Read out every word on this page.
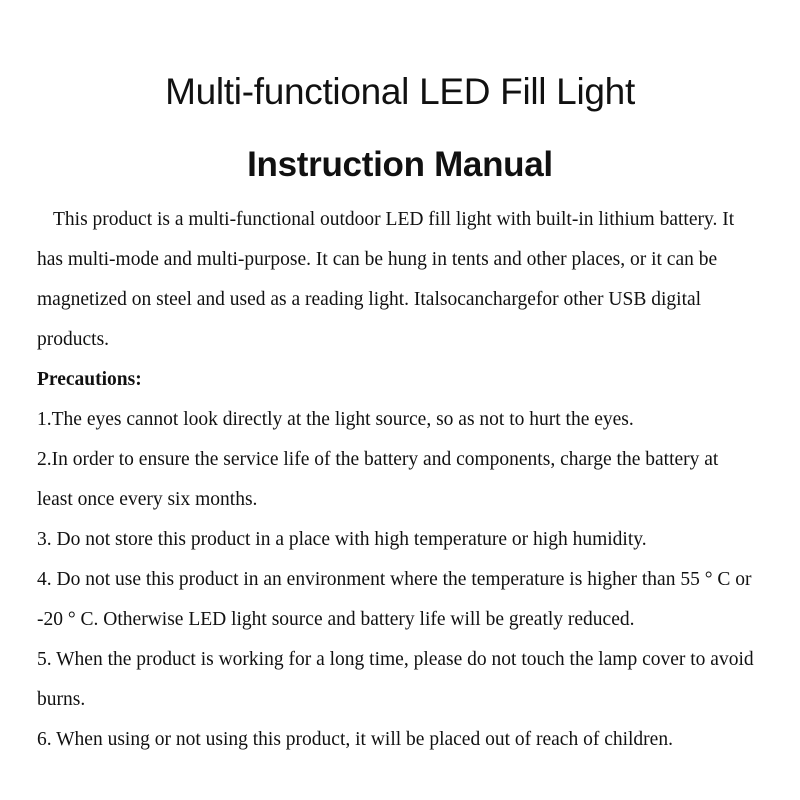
Multi-functional LED Fill Light
Instruction Manual

This product is a multi-functional outdoor LED fill light with built-in lithium battery. It has multi-mode and multi-purpose. It can be hung in tents and other places, or it can be magnetized on steel and used as a reading light. Italsocanchargefor other USB digital products.

Precautions:

1.The eyes cannot look directly at the light source, so as not to hurt the eyes.

2.In order to ensure the service life of the battery and components, charge the battery at least once every six months.

3. Do not store this product in a place with high temperature or high humidity.

4. Do not use this product in an environment where the temperature is higher than 55 ° C or -20 ° C. Otherwise LED light source and battery life will be greatly reduced.

5. When the product is working for a long time, please do not touch the lamp cover to avoid burns.

6. When using or not using this product, it will be placed out of reach of children.
